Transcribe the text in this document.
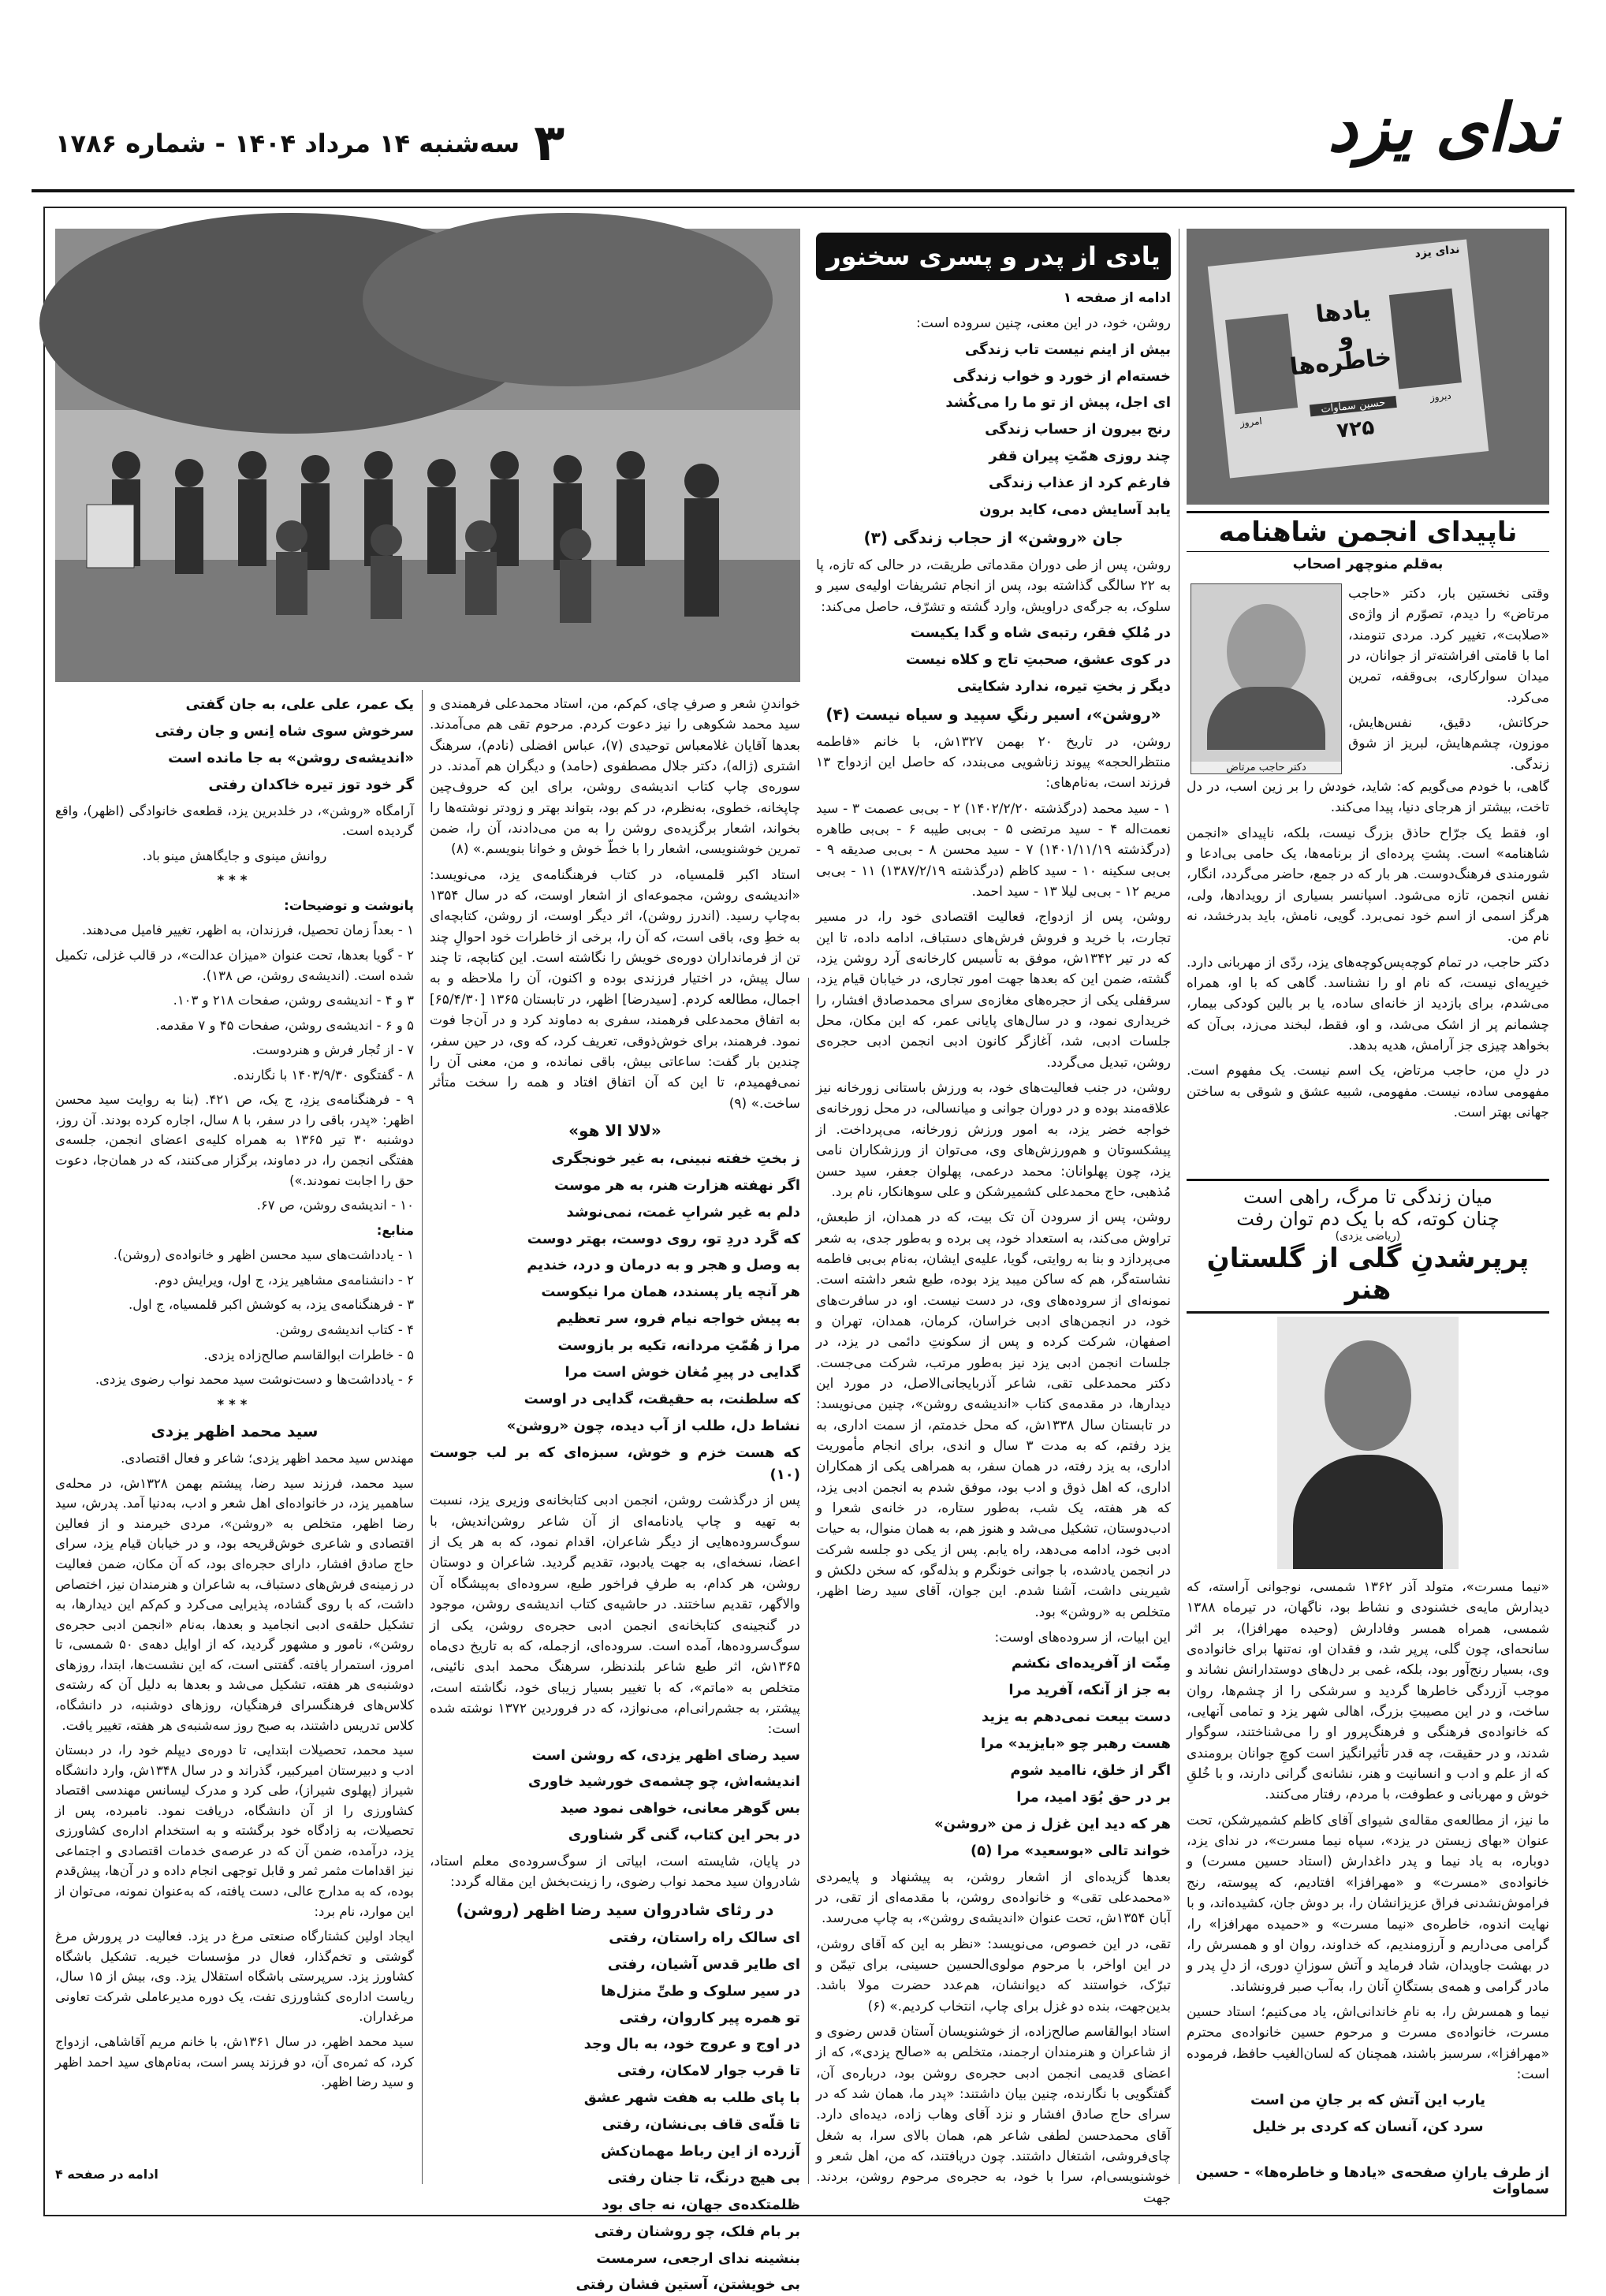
ندای یزد
۳
سه‌شنبه ۱۴ مرداد ۱۴۰۴ - شماره ۱۷۸۶
ندای یزد
یادها
و
خاطره‌ها
حسین سماوات
۷۲۵
امروز
دیروز
ناپیدای انجمن شاهنامه
به‌قلم منوچهر اصحاب
دکتر حاجب مرتاض

وقتی نخستین بار، دکتر «حاجب مرتاض» را دیدم، تصوّرم از واژه‌ی «صلابت»، تغییر کرد. مردی تنومند، اما با قامتی افراشته‌تر از جوانان، در میدان سوارکاری، بی‌وقفه، تمرین می‌کرد.

حرکاتش، دقیق، نفس‌هایش، موزون، چشم‌هایش، لبریز از شوق زندگی.

گاهی، با خودم می‌گویم که: شاید، خودش را بر زین اسب، در دل تاخت، بیشتر از هرجای دنیا، پیدا می‌کند.

او، فقط یک جرّاح حاذق بزرگ نیست، بلکه، ناپیدای «انجمن شاهنامه» است. پشتِ پرده‌ای از برنامه‌ها، یک حامی بی‌ادعا و شورمندی فرهنگ‌دوست. هر بار که در جمع، حاضر می‌گردد، انگار، نفس انجمن، تازه می‌شود. اسپانسر بسیاری از رویدادها، ولی، هرگز اسمی از اسم خود نمی‌برد. گویی، نامش، باید بدرخشد، نه نام من.

دکتر حاجب، در تمام کوچه‌پس‌کوچه‌های یزد، ردّی از مهربانی دارد. خیرِیه‌ای نیست، که نام او را نشناسد. گاهی که با او، همراه می‌شدم، برای بازدید از خانه‌ای ساده، یا بر بالین کودکی بیمار، چشمانم پر از اشک می‌شد، و او، فقط، لبخند می‌زد، بی‌آن که بخواهد چیزی جز آرامش، هدیه بدهد.

در دلِ من، حاجب مرتاض، یک اسم نیست. یک مفهوم است. مفهومی ساده، نیست. مفهومی، شبیه عشق و شوقی به ساختن جهانی بهتر است.

میان زندگی تا مرگ، راهی است
چنان کوته، که با یک دم توان رفت
(ریاضی یزدی)
پرپرشدنِ گلی از گلستانِ هنر

«نیما مسرت»، متولد آذر ۱۳۶۲ شمسی، نوجوانی آراسته، که دیدارش مایه‌ی خشنودی و نشاط بود، ناگهان، در تیرماه ۱۳۸۸ شمسی، همراه همسر وفادارش (وحیده مهرافزا)، بر اثر سانحه‌ای، چون گلی، پرپر شد، و فقدان او، نه‌تنها برای خانواده‌ی وی، بسیار رنج‌آور بود، بلکه، غمی بر دل‌های دوستدارانش نشاند و موجب آزردگی خاطرها گردید و سرشکی را از چشم‌ها، روان ساخت، و در این مصیبتِ بزرگ، اهالی شهر یزد و تمامی آنهایی، که خانواده‌ی فرهنگی و فرهنگ‌پرور او را می‌شناختند، سوگوار شدند، و در حقیقت، چه قدر تأثیرانگیز است کوچِ جوانان برومندی که از علم و ادب و انسانیت و هنر، نشانه‌ی گرانی دارند، و با خُلقِ خوش و مهربانی و عطوفت، با مردم، رفتار می‌کنند.

ما نیز، از مطالعه‌ی مقاله‌ی شیوای آقای کاظم کشمیرشکن، تحت عنوان «بهای زیستن در یزد»، سپاه نیما مسرت»، در ندای یزد، دوباره، به یاد نیما و پدر داغدارش (استاد حسین مسرت) و خانواده‌ی «مسرت» و «مهرافزا» افتادیم، که پیوسته، رنج فراموش‌نشدنی فراق عزیزانشان را، بر دوش جان، کشیده‌اند، و با نهایت اندوه، خاطره‌ی «نیما مسرت» و «حمیده مهرافزا» را، گرامی می‌داریم و آرزومندیم، که خداوند، روان او و همسرش را، در بهشت جاویدان، شاد فرماید و آتش سوزانِ دوری، از دلِ پدر و مادر گرامی و همه‌ی بستگانِ آنان را، به‌آب صبر فرونشاند.

نیما و همسرش را، به نامِ خاندانی‌اش، یاد می‌کنیم؛ استاد حسین مسرت، خانواده‌ی مسرت و مرحوم حسین خانواده‌ی محترم «مهرافزا»، سرسبز باشند، همچنان که لسان‌الغیب حافظ، فرموده است:

یارب این آتش که بر جانِ من است

سرد کن، آنسان که کردی بر خلیل

از طرف یارانِ صفحه‌ی «یادها و خاطره‌ها» - حسین سماوات
یادی از پدر و پسری سخنور

ادامه از صفحه ۱

روشن، خود، در این معنی، چنین سروده است:

بیش از اینم نیست تاب زندگی

خسته‌ام از خورد و خواب زندگی

ای اجل، پیش از تو ما را می‌کُشد

رنج بیرون از حساب زندگی

چند روزی همّتِ پیران قفر

فارغم کرد از عذاب زندگی

یابد آسایش دمی، کاید برون

جان «روشن» از حجاب زندگی (۳)

روشن، پس از طی دوران مقدماتی طریقت، در حالی که تازه، پا به ۲۲ سالگی گذاشته بود، پس از انجام تشریفات اولیه‌ی سیر و سلوک، به جرگه‌ی دراویش، وارد گشته و تشرّف، حاصل می‌کند:

در مُلکِ فقر، رتبه‌ی شاه و گدا یکیست

در کوی عشق، صحبتِ تاج و کلاه نیست

دیگر ز بختِ تیره، ندارد شکایتی

«روشن»، اسیر رنگِ سپید و سیاه نیست (۴)

روشن، در تاریخ ۲۰ بهمن ۱۳۲۷ش، با خانم «فاطمه منتظرالحجه» پیوند زناشویی می‌بندد، که حاصل این ازدواج ۱۳ فرزند است، به‌نام‌های:

۱ - سید محمد (درگذشته ۱۴۰۲/۲/۲۰) ۲ - بی‌بی عصمت ۳ - سید نعمت‌اله ۴ - سید مرتضی ۵ - بی‌بی طیبه ۶ - بی‌بی طاهره (درگذشته ۱۴۰۱/۱۱/۱۹) ۷ - سید محسن ۸ - بی‌بی صدیقه ۹ - بی‌بی سکینه ۱۰ - سید کاظم (درگذشته ۱۳۸۷/۲/۱۹) ۱۱ - بی‌بی مریم ۱۲ - بی‌بی لیلا ۱۳ - سید احمد.

روشن، پس از ازدواج، فعالیت اقتصادی خود را، در مسیر تجارت، با خرید و فروش فرش‌های دستباف، ادامه داده، تا این که در تیر ۱۳۴۲ش، موفق به تأسیس کارخانه‌ی آرد روشن یزد، گشته، ضمن این که بعدها جهت امور تجاری، در خیابان قیام یزد، سرقفلی یکی از حجره‌های مغازه‌ی سرای محمدصادق افشار، را خریداری نمود، و در سال‌های پایانی عمر، که این مکان، محل جلسات ادبی، شد، آغازگر کانون ادبی انجمن ادبی حجره‌ی روشن، تبدیل می‌گردد.

روشن، در جنب فعالیت‌های خود، به ورزش باستانی زورخانه نیز علاقه‌مند بوده و در دوران جوانی و میانسالی، در محل زورخانه‌ی خواجه خضر یزد، به امور ورزش زورخانه، می‌پرداخت. از پیشکسوتان و هم‌ورزش‌های وی، می‌توان از ورزشکاران نامی یزد، چون پهلوانان: محمد درعمی، پهلوان جعفر، سید حسن مُذهبی، حاج محمدعلی کشمیرشکن و علی سوهانکار، نام برد.

روشن، پس از سرودن آن تک بیت، که در همدان، از طبعش، تراوش می‌کند، به استعداد خود، پی برده و به‌طور جدی، به شعر می‌پردازد و بنا به روایتی، گویا، علیه‌ی ایشان، به‌نام بی‌بی فاطمه نشاسته‌گر، هم که ساکن میبد یزد بوده، طبع شعر داشته است. نمونه‌ای از سروده‌های وی، در دست نیست. او، در سافرت‌های خود، در انجمن‌های ادبی خراسان، کرمان، همدان، تهران و اصفهان، شرکت کرده و پس از سکونتِ دائمی در یزد، در جلسات انجمن ادبی یزد نیز به‌طور مرتب، شرکت می‌جست. دکتر محمدعلی تقی، شاعر آذربایجانی‌الاصل، در مورد این دیدارها، در مقدمه‌ی کتاب «اندیشه‌ی روشن»، چنین می‌نویسد: در تابستان سال ۱۳۳۸ش، که محل خدمتم، از سمت اداری، به یزد رفتم، که به مدت ۳ سال و اندی، برای انجام مأموریت اداری، به یزد رفته، در همان سفر، به همراهی یکی از همکاران اداری، که اهل ذوق و ادب بود، موفق شدم به انجمن ادبی یزد، که هر هفته، یک شب، به‌طور ستاره، در خانه‌ی شعرا و ادب‌دوستان، تشکیل می‌شد و هنوز هم، به همان منوال، به حیات ادبی خود، ادامه می‌دهد، راه یابم. پس از یکی دو جلسه شرکت در انجمن یادشده، با جوانی خونگرم و بذله‌گو، که سخن دلکش و شیرینی داشت، آشنا شدم. این جوان، آقای سید رضا اظهر، متخلص به «روشن» بود.

این ابیات، از سروده‌های اوست:

مِنّت از آفریده‌ای نکشم

به جز از آنکه، آفرید مرا

دست بیعت نمی‌دهم به یزید

هست رهبر چو «بایزید» مرا

اگر از خلق، ناامید شوم

بر در حق بُوَد امید، مرا

هر که دید این غزل ز من «روشن»

خواند تالی «بوسعید» مرا (۵)

بعدها گزیده‌ای از اشعار روشن، به پیشنهاد و پایمردی «محمدعلی تقی» و خانواده‌ی روشن، با مقدمه‌ای از تقی، در آبان ۱۳۵۴ش، تحت عنوان «اندیشه‌ی روشن»، به چاپ می‌رسد.

تقی، در این خصوص، می‌نویسد: «نظر به این که آقای روشن، در این اواخر، با مرحوم مولوی‌الحسین حسینی، برای تیمّن و تبرّک، خواستند که دیوانشان، هم‌عدد حضرت مولا باشد. بدین‌جهت، بنده دو غزل برای چاپ، انتخاب کردیم.» (۶)

استاد ابوالقاسم صالح‌زاده، از خوشنویسان آستان قدس رضوی و از شاعران و هنرمندان ارجمند، متخلص به «صالح یزدی»، که از اعضای قدیمی انجمن ادبی حجره‌ی روشن بود، درباره‌ی آن، گفتگویی با نگارنده، چنین بیان داشتند: «پدر ما، همان شد که در سرای حاج صادق افشار و نزد آقای وهاب زاده، دیده‌ای دارد. آقای محمدحسن لطفی شاعر هم، همان بالای سرا، به شغل چای‌فروشی، اشتغال داشتند. چون دریافتند، که من، اهل شعر و خوشنویسی‌ام، سرا با خود، به حجره‌ی مرحوم روشن، بردند. جهت

خواندنِ شعر و صرفِ چای، کم‌کم، من، استاد محمدعلی فرهمندی و سید محمد شکوهی را نیز دعوت کردم. مرحوم تقی هم می‌آمدند. بعدها آقایان غلامعباس توحیدی (۷)، عباس افضلی (نادم)، سرهنگ اشتری (ژاله)، دکتر جلال مصطفوی (حامد) و دیگران هم آمدند. در سوره‌ی چاپ کتاب اندیشه‌ی روشن، برای این که حروف‌چین چاپخانه، خطوی، به‌نظرم، در کم بود، بتواند بهتر و زودتر نوشته‌ها را بخواند، اشعار برگزیده‌ی روشن را به من می‌دادند، آن را، ضمن تمرین خوشنویسی، اشعار را با خطّ خوش و خوانا بنویسم.» (۸)

استاد اکبر قلمسیاه، در کتاب فرهنگنامه‌ی یزد، می‌نویسد: «اندیشه‌ی روشن، مجموعه‌ای از اشعار اوست، که در سال ۱۳۵۴ به‌چاپ رسید. (اندرز روشن)، اثر دیگر اوست، از روشن، کتابچه‌ای به خطِ وی، باقی است، که آن را، برخی از خاطرات خود احوالِ چند تن از فرمانداران دوره‌ی خویش را نگاشته است. این کتابچه، تا چند سال پیش، در اختیار فرزندی بوده و اکنون، آن را ملاحظه و به اجمال، مطالعه کردم. [سیدرضا] اظهر، در تابستان ۱۳۶۵ [۶۵/۴/۳۰] به اتفاق محمدعلی فرهمند، سفری به دماوند کرد و در آن‌جا فوت نمود. فرهمند، برای خوش‌ذوقی، تعریف کرد، که وی، در حین سفر، چندین بار گفت: ساعاتی بیش، باقی نمانده، و من، معنی آن را نمی‌فهمیدم، تا این که آن اتفاق افتاد و همه را سخت متأثر ساخت.» (۹)

«لالا الا هو»

ز بختِ خفته نبینی، به غیر خونجگری

اگر نهفته هزارت هنر، به هر موست

دلم به غیر شرابِ غمت، نمی‌نوشد

که گَرد دردِ تو، روی دوست، بهتر دوست

به وصل و هجر و به درمان و درد، خندیم

هر آنچه یار پسندد، همان مرا نیکوست

به پیش خواجه نیام فرو، سر تعظیم

مرا ز هُمّتِ مردانه، تکیه بر بازوست

گدایی در پیرِ مُغان خوش است مرا

که سلطنت، به حقیقت، گدایی در اوست

نشاط دل، طلب از آب دیده، چون «روشن»

که هست خزم و خوش، سبزه‌ای که بر لب جوست (۱۰)

پس از درگذشت روشن، انجمن ادبی کتابخانه‌ی وزیری یزد، نسبت به تهیه و چاپ یادنامه‌ای از آن شاعر روشن‌اندیش، با سوگ‌سروده‌هایی از دیگر شاعران، اقدام نمود، که به هر یک از اعضا، نسخه‌ای، به جهت یادبود، تقدیم گردید. شاعران و دوستان روشن، هر کدام، به طرفِ فراخور طبع، سروده‌ای به‌پیشگاه آن والاگهر، تقدیم ساختند. در حاشیه‌ی کتاب اندیشه‌ی روشن، موجود در گنجینه‌ی کتابخانه‌ی انجمن ادبی حجره‌ی روشن، یکی از سوگ‌سروده‌ها، آمده است. سروده‌ای، ازجمله، که به تاریخ دی‌ماه ۱۳۶۵ش، اثر طبع شاعر بلندنظر، سرهنگ محمد ابدی نائینی، متخلص به «ماتم»، که با تغییر بسیار زیبای خود، نگاشته است، پیشتر، به جشم‌رانی‌ام، می‌نوازد، که در فروردین ۱۳۷۲ نوشته شده است:

سید رضای اظهر یزدی، که روشن است

اندیشه‌اش، چو چشمه‌ی خورشید خاوری

بس گوهر معانی، خواهی نمود صید

در بحر این کتاب، گنی گر شناوری

در پایان، شایسته است، ابیاتی از سوگ‌سروده‌ی معلم استاد، شادروان سید محمد نواب رضوی، را زینت‌بخش این مقاله گردد:

در رثای شادروان سید رضا اظهر (روشن)

ای سالک راه راستان، رفتی

ای طایر قدس آشیان، رفتی

در سیر سلوک و طیِّ منزل‌ها

تو همره پیر کاروان، رفتی

در اوج و عروج خود، به بال وجد

تا قرب جوار لامکان، رفتی

با پای طلب به هفت شهر عشق

تا قلّه‌ی قاف بی‌نشان، رفتی

آزرده از این رباط مهمان‌کش

بی هیچ درنگ، تا جنان رفتی

ظلمتکده‌ی جهان، نه جای بود

بر بام فلک، چو روشنان رفتی

بنشینه ندای ارجعی، سرمست

بی خویشتن، آستین فشان رفتی

یک عمر، علی علی، به جان گفتی

سرخوش سوی شاه اِنس و جان رفتی

«اندیشه‌ی روشن» به جا مانده است

گر خود توز تیره خاکدان رفتی

آرامگاه «روشن»، در خلدبرین یزد، قطعه‌ی خانوادگی (اظهر)، واقع گردیده است.

روانش مینوی و جایگاهش مینو باد.

***

پانوشت و توضیحات:

۱ - بعداً زمان تحصیل، فرزندان، به اظهر، تغییر فامیل می‌دهند.

۲ - گویا بعدها، تحت عنوان «میزان عدالت»، در قالب غزلی، تکمیل شده است. (اندیشه‌ی روشن، ص ۱۳۸).

۳ و ۴ - اندیشه‌ی روشن، صفحات ۲۱۸ و ۱۰۳.

۵ و ۶ - اندیشه‌ی روشن، صفحات ۴۵ و ۷ مقدمه.

۷ - از تُجار فرش و هنردوست.

۸ - گفتگوی ۱۴۰۳/۹/۳۰ با نگارنده.

۹ - فرهنگنامه‌ی یزدِ، ج یک، ص ۴۲۱. (بنا به روایت سید محسن اظهر: «پدر، باقی را در سفر، با ۸ سال، اجاره کرده بودند. آن روز، دوشنبه ۳۰ تیر ۱۳۶۵ به همراه کلیه‌ی اعضای انجمن، جلسه‌ی هفتگی انجمن را، در دماوند، برگزار می‌کنند، که در همان‌جا، دعوت حق را اجابت نمودند.»)

۱۰ - اندیشه‌ی روشن، ص ۶۷.

منابع:

۱ - یادداشت‌های سید محسن اظهر و خانواده‌ی (روشن).

۲ - دانشنامه‌ی مشاهیر یزد، ج اول، ویرایش دوم.

۳ - فرهنگنامه‌ی یزد، به کوشش اکبر قلمسیاه، ج اول.

۴ - کتاب اندیشه‌ی روشن.

۵ - خاطرات ابوالقاسم صالح‌زاده یزدی.

۶ - یادداشت‌ها و دست‌نوشت سید محمد نواب رضوی یزدی.

***

سید محمد اظهر یزدی

مهندس سید محمد اظهر یزدی؛ شاعر و فعال اقتصادی.

سید محمد، فرزند سید رضا، پیشتم بهمن ۱۳۲۸ش، در محله‌ی ساهمیر یزد، در خانواده‌ای اهل شعر و ادب، به‌دنیا آمد. پدرش، سید رضا اظهر، متخلص به «روشن»، مردی خیرمند و از فعالین اقتصادی و شاعری خوش‌قریحه بود، و در خیابان قیام یزد، سرای حاج صادق افشار، دارای حجره‌ای بود، که آن مکان، ضمن فعالیت در زمینه‌ی فرش‌های دستباف، به شاعران و هنرمندان نیز، اختصاص داشت، که با روی گشاده، پذیرایی می‌کرد و کم‌کم این دیدارها، به تشکیل حلقه‌ی ادبی انجامید و بعدها، به‌نام «انجمن ادبی حجره‌ی روشن»، نامور و مشهور گردید، که از اوایل دهه‌ی ۵۰ شمسی، تا امروز، استمرار یافته. گفتنی است، که این نشست‌ها، ابتدا، روزهای دوشنبه‌ی هر هفته، تشکیل می‌شد و بعدها به دلیل آن که رشته‌ی کلاس‌های فرهنگسرای فرهنگیان، روزهای دوشنبه، در دانشگاه، کلاس تدریس داشتند، به صبح روز سه‌شنبه‌ی هر هفته، تغییر یافت.

سید محمد، تحصیلات ابتدایی، تا دوره‌ی دیپلم خود را، در دبستان ادب و دبیرستان امیرکبیر، گذراند و در سال ۱۳۴۸ش، وارد دانشگاه شیراز (پهلوی شیراز)، طی کرد و مدرک لیسانس مهندسی اقتصاد کشاورزی را از آن دانشگاه، دریافت نمود. نامبرده، پس از تحصیلات، به زادگاه خود برگشته و به استخدام اداره‌ی کشاورزی یزد، درآمده، ضمن آن که در عرصه‌ی خدمات اقتصادی و اجتماعی نیز اقدامات مثمر ثمر و قابل توجهی انجام داده و در آن‌ها، پیش‌قدم بوده، که به مدارج عالی، دست یافته، که به‌عنوان نمونه، می‌توان از این موارد، نام برد:

ایجاد اولین کشتارگاه صنعتی مرغ در یزد. فعالیت در پرورش مرغ گوشتی و تخم‌گذار، فعال در مؤسسات خیریه. تشکیل باشگاه کشاورز یزد. سرپرستی باشگاه استقلال یزد. وی، بیش از ۱۵ سال، ریاست اداره‌ی کشاورزی تفت، یک دوره مدیرعاملی شرکت تعاونی مرغداران.

سید محمد اظهر، در سال ۱۳۶۱ش، با خانم مریم آقاشاهی، ازدواج کرد، که ثمره‌ی آن، دو فرزند پسر است، به‌نام‌های سید احمد اظهر و سید رضا اظهر.

ادامه در صفحه ۴
